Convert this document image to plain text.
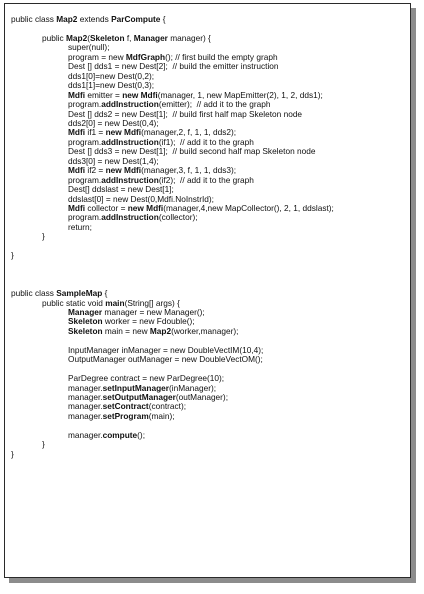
public class Map2 extends ParCompute {
public Map2(Skeleton f, Manager manager) {
super(null);
program = new MdfGraph(); // first build the empty graph
Dest [] dds1 = new Dest[2];  // build the emitter instruction
dds1[0]=new Dest(0,2);
dds1[1]=new Dest(0,3);
Mdfi emitter = new Mdfi(manager, 1, new MapEmitter(2), 1, 2, dds1);
program.addInstruction(emitter);  // add it to the graph
Dest [] dds2 = new Dest[1];  // build first half map Skeleton node
dds2[0] = new Dest(0,4);
Mdfi if1 = new Mdfi(manager,2, f, 1, 1, dds2);
program.addInstruction(if1);  // add it to the graph
Dest [] dds3 = new Dest[1];  // build second half map Skeleton node
dds3[0] = new Dest(1,4);
Mdfi if2 = new Mdfi(manager,3, f, 1, 1, dds3);
program.addInstruction(if2);  // add it to the graph
Dest[] ddslast = new Dest[1];
ddslast[0] = new Dest(0,Mdfi.NoInstrId);
Mdfi collector = new Mdfi(manager,4,new MapCollector(), 2, 1, ddslast);
program.addInstruction(collector);
return;
}
}
public class SampleMap {
public static void main(String[] args) {
Manager manager = new Manager();
Skeleton worker = new Fdouble();
Skeleton main = new Map2(worker,manager);
InputManager inManager = new DoubleVectIM(10,4);
OutputManager outManager = new DoubleVectOM();
ParDegree contract = new ParDegree(10);
manager.setInputManager(inManager);
manager.setOutputManager(outManager);
manager.setContract(contract);
manager.setProgram(main);
manager.compute();
}
}
